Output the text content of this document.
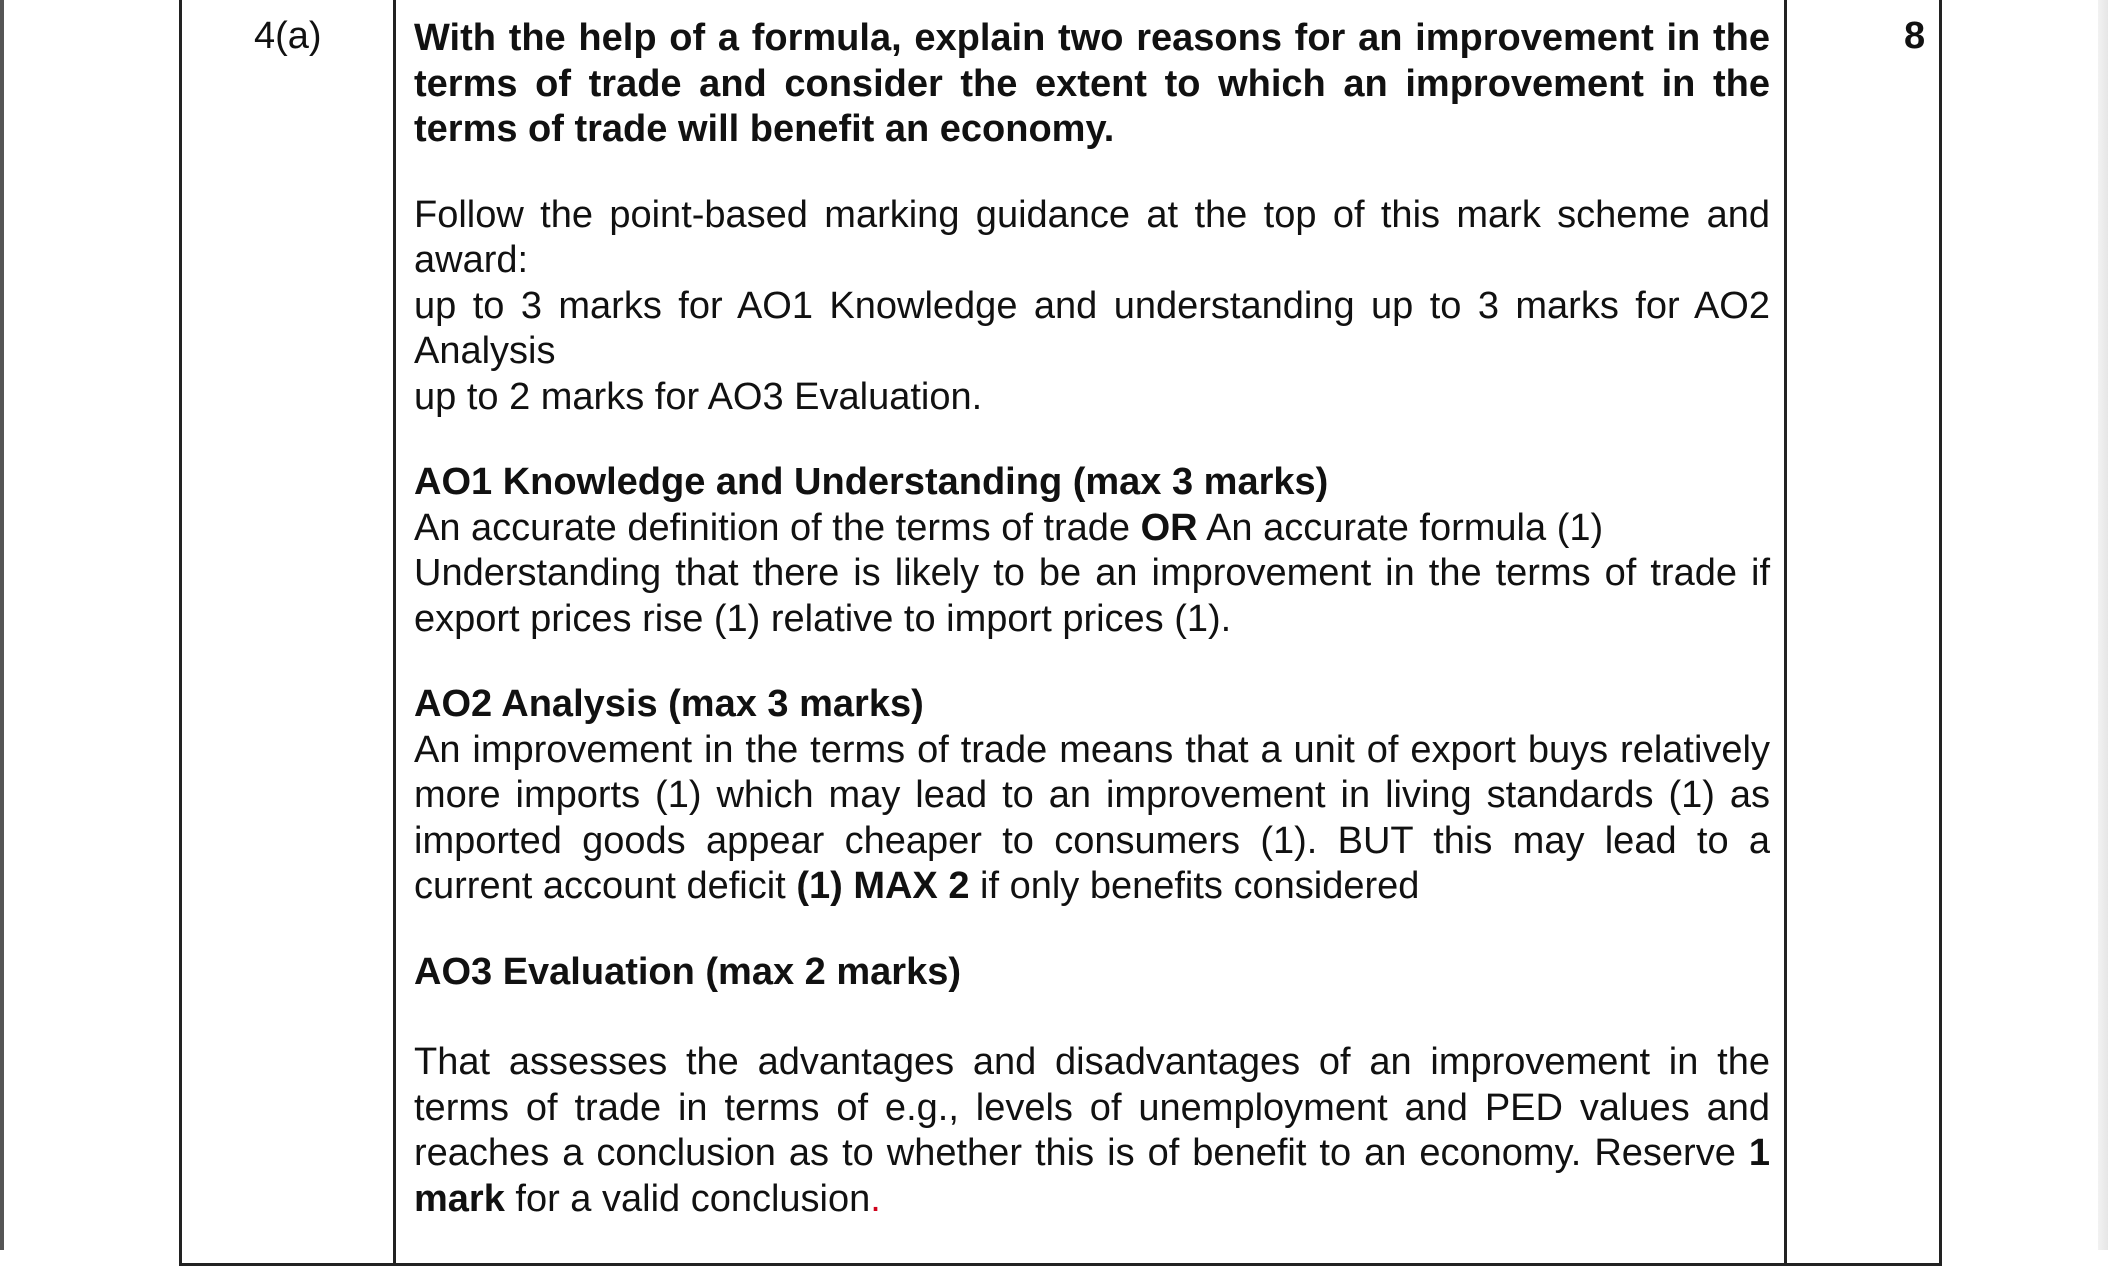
4(a) With the help of a formula, explain two reasons for an improvement in the terms of trade and consider the extent to which an improvement in the terms of trade will benefit an economy.

Follow the point-based marking guidance at the top of this mark scheme and award:

up to 3 marks for AO1 Knowledge and understanding up to 3 marks for AO2 Analysis

up to 2 marks for AO3 Evaluation.

AO1 Knowledge and Understanding (max 3 marks)

An accurate definition of the terms of trade OR An accurate formula (1)

Understanding that there is likely to be an improvement in the terms of trade if export prices rise (1) relative to import prices (1).

AO2 Analysis (max 3 marks)

An improvement in the terms of trade means that a unit of export buys relatively more imports (1) which may lead to an improvement in living standards (1) as imported goods appear cheaper to consumers (1). BUT this may lead to a current account deficit (1) MAX 2 if only benefits considered

AO3 Evaluation (max 2 marks)

That assesses the advantages and disadvantages of an improvement in the terms of trade in terms of e.g., levels of unemployment and PED values and reaches a conclusion as to whether this is of benefit to an economy. Reserve 1 mark for a valid conclusion.

8
